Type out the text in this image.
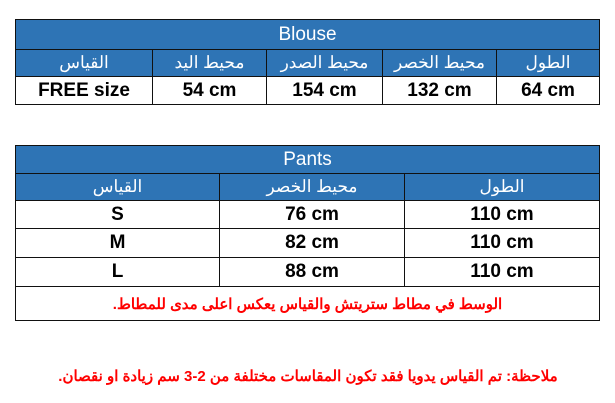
Blouse				
القياس	محيط اليد	محيط الصدر	محيط الخصر	الطول
FREE size	54 cm	154 cm	132 cm	64 cm
Pants		
القياس	محيط الخصر	الطول
S	76 cm	110 cm
M	82 cm	110 cm
L	88 cm	110 cm
الوسط في مطاط ستريتش والقياس يعكس اعلى مدى للمطاط.		
ملاحظة: تم القياس يدويا فقد تكون المقاسات مختلفة من 2-3 سم زيادة او نقصان.
